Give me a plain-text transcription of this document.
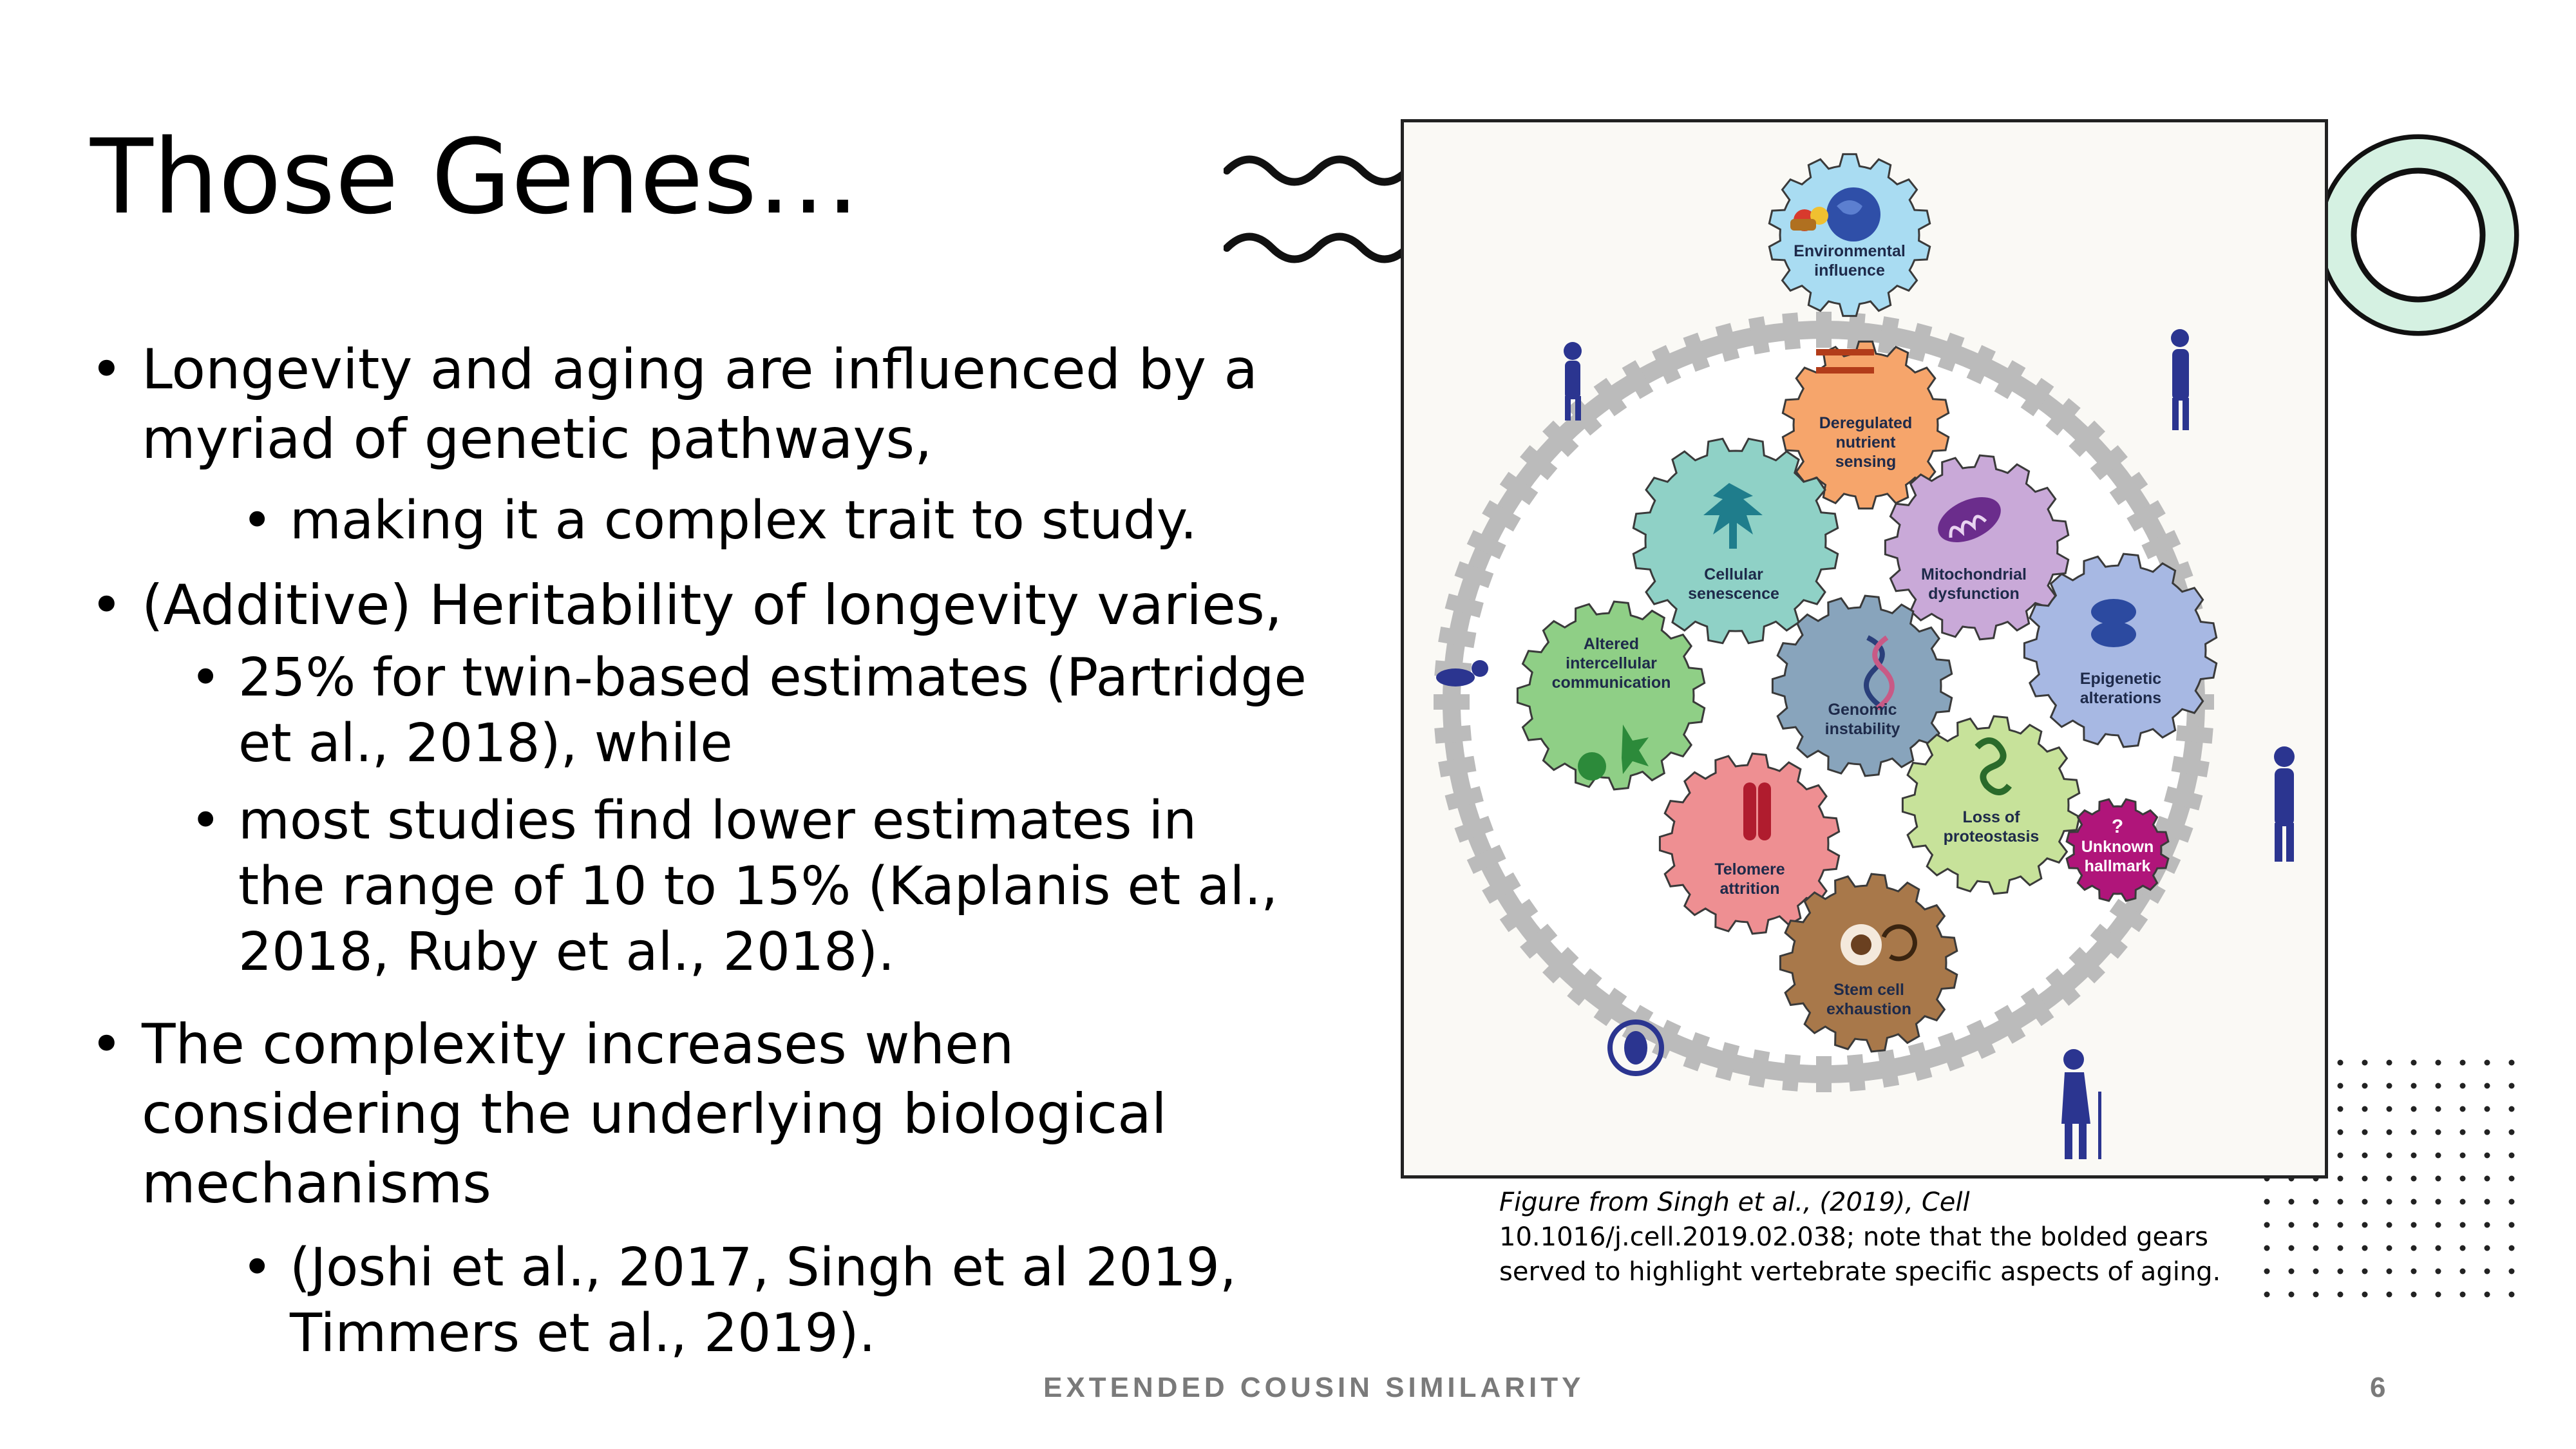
Those Genes…
• Longevity and aging are influenced by a myriad of genetic pathways,
• making it a complex trait to study.
• (Additive) Heritability of longevity varies,
• 25% for twin-based estimates (Partridge et al., 2018), while
• most studies find lower estimates in the range of 10 to 15% (Kaplanis et al., 2018, Ruby et al., 2018).
• The complexity increases when considering the underlying biological mechanisms
• (Joshi et al., 2017, Singh et al 2019, Timmers et al., 2019).
Environmental
influence
Deregulated
nutrient
sensing
Cellular
senescence
Mitochondrial
dysfunction
Altered
intercellular
communication
Genomic
instability
Epigenetic
alterations
Loss of
proteostasis
Telomere
attrition
Stem cell
exhaustion
?
Unknown
hallmark
Figure from Singh et al., (2019), Cell
10.1016/j.cell.2019.02.038; note that the bolded gears served to highlight vertebrate specific aspects of aging.
EXTENDED COUSIN SIMILARITY	6
